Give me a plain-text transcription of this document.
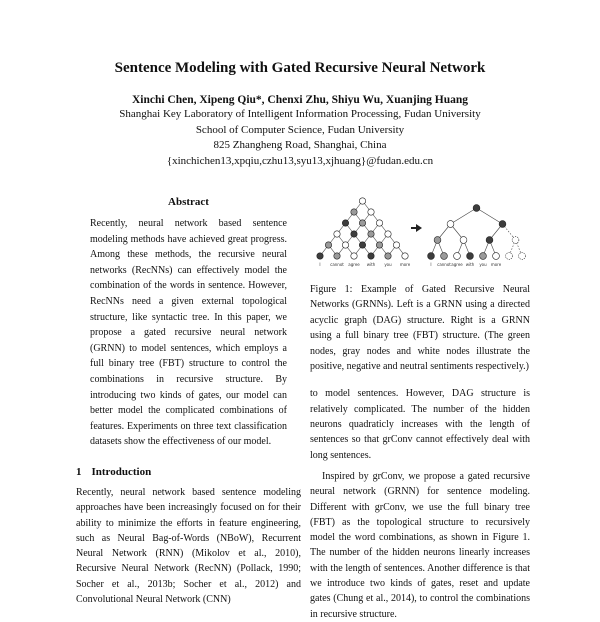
Sentence Modeling with Gated Recursive Neural Network
Xinchi Chen, Xipeng Qiu*, Chenxi Zhu, Shiyu Wu, Xuanjing Huang
Shanghai Key Laboratory of Intelligent Information Processing, Fudan University
School of Computer Science, Fudan University
825 Zhangheng Road, Shanghai, China
{xinchichen13,xpqiu,czhu13,syu13,xjhuang}@fudan.edu.cn
Abstract

Recently, neural network based sentence modeling methods have achieved great progress. Among these methods, the recursive neural networks (RecNNs) can effectively model the combination of the words in sentence. However, RecNNs need a given external topological structure, like syntactic tree. In this paper, we propose a gated recursive neural network (GRNN) to model sentences, which employs a full binary tree (FBT) structure to control the combinations in recursive structure. By introducing two kinds of gates, our model can better model the complicated combinations of features. Experiments on three text classification datasets show the effectiveness of our model.

1 Introduction

Recently, neural network based sentence modeling approaches have been increasingly focused on for their ability to minimize the efforts in feature engineering, such as Neural Bag-of-Words (NBoW), Recurrent Neural Network (RNN) (Mikolov et al., 2010), Recursive Neural Network (RecNN) (Pollack, 1990; Socher et al., 2013b; Socher et al., 2012) and Convolutional Neural Network (CNN)

I cannot agree with you more	I cannot agree with you more

Figure 1: Example of Gated Recursive Neural Networks (GRNNs). Left is a GRNN using a directed acyclic graph (DAG) structure. Right is a GRNN using a full binary tree (FBT) structure. (The green nodes, gray nodes and white nodes illustrate the positive, negative and neutral sentiments respectively.)

to model sentences. However, DAG structure is relatively complicated. The number of the hidden neurons quadraticly increases with the length of sentences so that grConv cannot effectively deal with long sentences.

Inspired by grConv, we propose a gated recursive neural network (GRNN) for sentence modeling. Different with grConv, we use the full binary tree (FBT) as the topological structure to recursively model the word combinations, as shown in Figure 1. The number of the hidden neurons linearly increases with the length of sentences. Another difference is that we introduce two kinds of gates, reset and update gates (Chung et al., 2014), to control the combinations in recursive structure.
